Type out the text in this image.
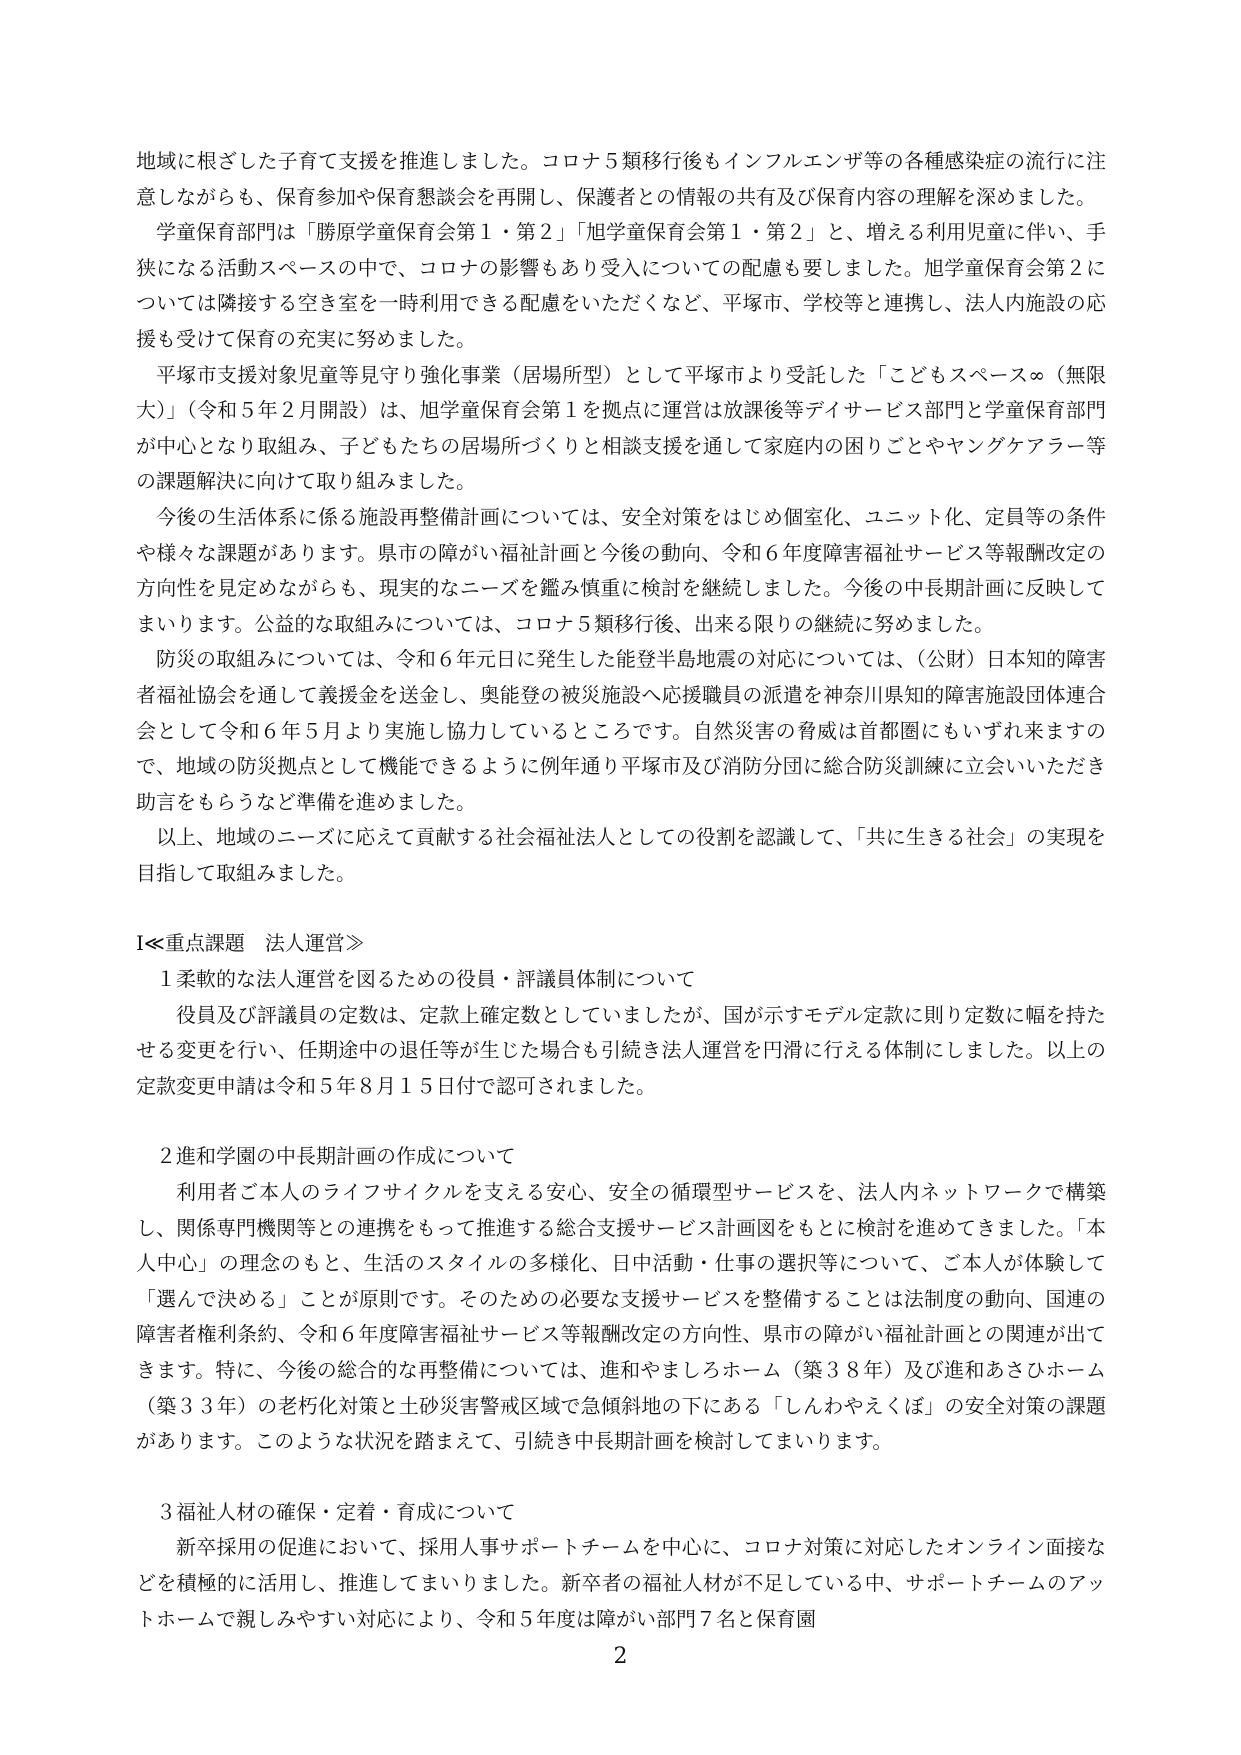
地域に根ざした子育て支援を推進しました。コロナ５類移行後もインフルエンザ等の各種感染症の流行に注意しながらも、保育参加や保育懇談会を再開し、保護者との情報の共有及び保育内容の理解を深めました。

学童保育部門は「勝原学童保育会第１・第２」「旭学童保育会第１・第２」と、増える利用児童に伴い、手狭になる活動スペースの中で、コロナの影響もあり受入についての配慮も要しました。旭学童保育会第２については隣接する空き室を一時利用できる配慮をいただくなど、平塚市、学校等と連携し、法人内施設の応援も受けて保育の充実に努めました。

平塚市支援対象児童等見守り強化事業（居場所型）として平塚市より受託した「こどもスペース∞（無限大）」（令和５年２月開設）は、旭学童保育会第１を拠点に運営は放課後等デイサービス部門と学童保育部門が中心となり取組み、子どもたちの居場所づくりと相談支援を通して家庭内の困りごとやヤングケアラー等の課題解決に向けて取り組みました。

今後の生活体系に係る施設再整備計画については、安全対策をはじめ個室化、ユニット化、定員等の条件や様々な課題があります。県市の障がい福祉計画と今後の動向、令和６年度障害福祉サービス等報酬改定の方向性を見定めながらも、現実的なニーズを鑑み慎重に検討を継続しました。今後の中長期計画に反映してまいります。公益的な取組みについては、コロナ５類移行後、出来る限りの継続に努めました。

防災の取組みについては、令和６年元日に発生した能登半島地震の対応については、（公財）日本知的障害者福祉協会を通して義援金を送金し、奥能登の被災施設へ応援職員の派遣を神奈川県知的障害施設団体連合会として令和６年５月より実施し協力しているところです。自然災害の脅威は首都圏にもいずれ来ますので、地域の防災拠点として機能できるように例年通り平塚市及び消防分団に総合防災訓練に立会いいただき助言をもらうなど準備を進めました。

以上、地域のニーズに応えて貢献する社会福祉法人としての役割を認識して、「共に生きる社会」の実現を目指して取組みました。

Ⅰ≪重点課題　法人運営≫

１柔軟的な法人運営を図るための役員・評議員体制について

役員及び評議員の定数は、定款上確定数としていましたが、国が示すモデル定款に則り定数に幅を持たせる変更を行い、任期途中の退任等が生じた場合も引続き法人運営を円滑に行える体制にしました。以上の定款変更申請は令和５年８月１５日付で認可されました。

２進和学園の中長期計画の作成について

利用者ご本人のライフサイクルを支える安心、安全の循環型サービスを、法人内ネットワークで構築し、関係専門機関等との連携をもって推進する総合支援サービス計画図をもとに検討を進めてきました。「本人中心」の理念のもと、生活のスタイルの多様化、日中活動・仕事の選択等について、ご本人が体験して「選んで決める」ことが原則です。そのための必要な支援サービスを整備することは法制度の動向、国連の障害者権利条約、令和６年度障害福祉サービス等報酬改定の方向性、県市の障がい福祉計画との関連が出てきます。特に、今後の総合的な再整備については、進和やましろホーム（築３８年）及び進和あさひホーム（築３３年）の老朽化対策と土砂災害警戒区域で急傾斜地の下にある「しんわやえくぼ」の安全対策の課題があります。このような状況を踏まえて、引続き中長期計画を検討してまいります。

３福祉人材の確保・定着・育成について

新卒採用の促進において、採用人事サポートチームを中心に、コロナ対策に対応したオンライン面接などを積極的に活用し、推進してまいりました。新卒者の福祉人材が不足している中、サポートチームのアットホームで親しみやすい対応により、令和５年度は障がい部門７名と保育園

2
